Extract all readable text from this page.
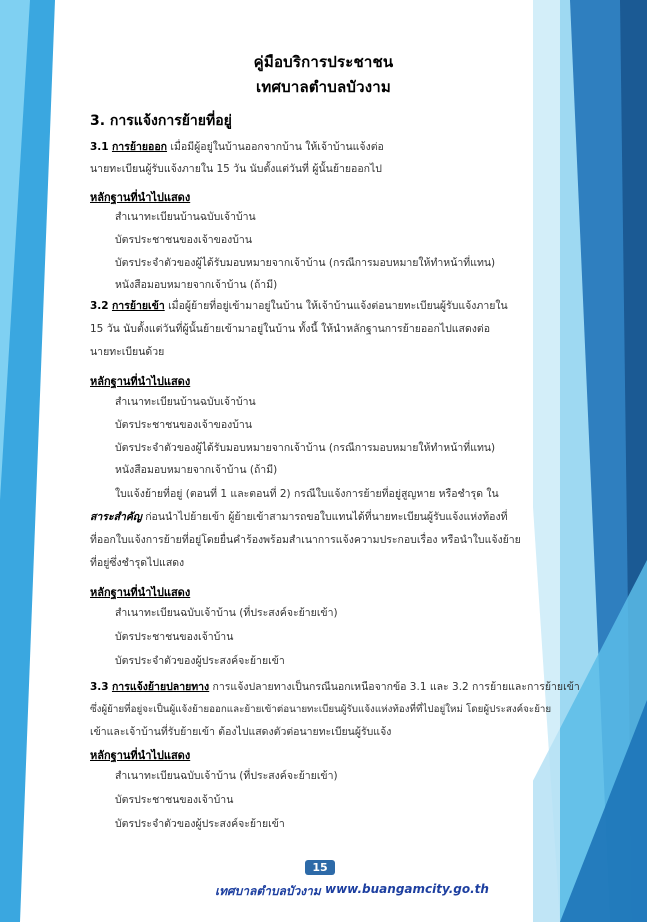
คู่มือบริการประชาชน
เทศบาลตำบลบัวงาม
3. การแจ้งการย้ายที่อยู่
3.1 การย้ายออก เมื่อมีผู้อยู่ในบ้านออกจากบ้าน ให้เจ้าบ้านแจ้งต่อ
นายทะเบียนผู้รับแจ้งภายใน 15 วัน นับตั้งแต่วันที่ ผู้นั้นย้ายออกไป
หลักฐานที่นำไปแสดง
สำเนาทะเบียนบ้านฉบับเจ้าบ้าน
บัตรประชาชนของเจ้าของบ้าน
บัตรประจำตัวของผู้ได้รับมอบหมายจากเจ้าบ้าน (กรณีการมอบหมายให้ทำหน้าที่แทน)
หนังสือมอบหมายจากเจ้าบ้าน (ถ้ามี)
3.2 การย้ายเข้า เมื่อผู้ย้ายที่อยู่เข้ามาอยู่ในบ้าน ให้เจ้าบ้านแจ้งต่อนายทะเบียนผู้รับแจ้งภายใน
15 วัน นับตั้งแต่วันที่ผู้นั้นย้ายเข้ามาอยู่ในบ้าน ทั้งนี้ ให้นำหลักฐานการย้ายออกไปแสดงต่อ
นายทะเบียนด้วย
หลักฐานที่นำไปแสดง
สำเนาทะเบียนบ้านฉบับเจ้าบ้าน
บัตรประชาชนของเจ้าของบ้าน
บัตรประจำตัวของผู้ได้รับมอบหมายจากเจ้าบ้าน (กรณีการมอบหมายให้ทำหน้าที่แทน)
หนังสือมอบหมายจากเจ้าบ้าน (ถ้ามี)
ใบแจ้งย้ายที่อยู่ (ตอนที่ 1 และตอนที่ 2) กรณีใบแจ้งการย้ายที่อยู่สูญหาย หรือชำรุด ใน
สาระสำคัญ ก่อนนำไปย้ายเข้า ผู้ย้ายเข้าสามารถขอใบแทนได้ที่นายทะเบียนผู้รับแจ้งแห่งท้องที่
ที่ออกใบแจ้งการย้ายที่อยู่โดยยื่นคำร้องพร้อมสำเนาการแจ้งความประกอบเรื่อง หรือนำใบแจ้งย้าย
ที่อยู่ซึ่งชำรุดไปแสดง
หลักฐานที่นำไปแสดง
สำเนาทะเบียนฉบับเจ้าบ้าน (ที่ประสงค์จะย้ายเข้า)
บัตรประชาชนของเจ้าบ้าน
บัตรประจำตัวของผู้ประสงค์จะย้ายเข้า
3.3 การแจ้งย้ายปลายทาง การแจ้งปลายทางเป็นกรณีนอกเหนือจากข้อ 3.1 และ 3.2 การย้ายและการย้ายเข้า
ซึ่งผู้ย้ายที่อยู่จะเป็นผู้แจ้งย้ายออกและย้ายเข้าต่อนายทะเบียนผู้รับแจ้งแห่งท้องที่ที่ไปอยู่ใหม่ โดยผู้ประสงค์จะย้าย
เข้าและเจ้าบ้านที่รับย้ายเข้า ต้องไปแสดงตัวต่อนายทะเบียนผู้รับแจ้ง
หลักฐานที่นำไปแสดง
สำเนาทะเบียนฉบับเจ้าบ้าน (ที่ประสงค์จะย้ายเข้า)
บัตรประชาชนของเจ้าบ้าน
บัตรประจำตัวของผู้ประสงค์จะย้ายเข้า
15
เทศบาลตำบลบัวงาม www.buangamcity.go.th
